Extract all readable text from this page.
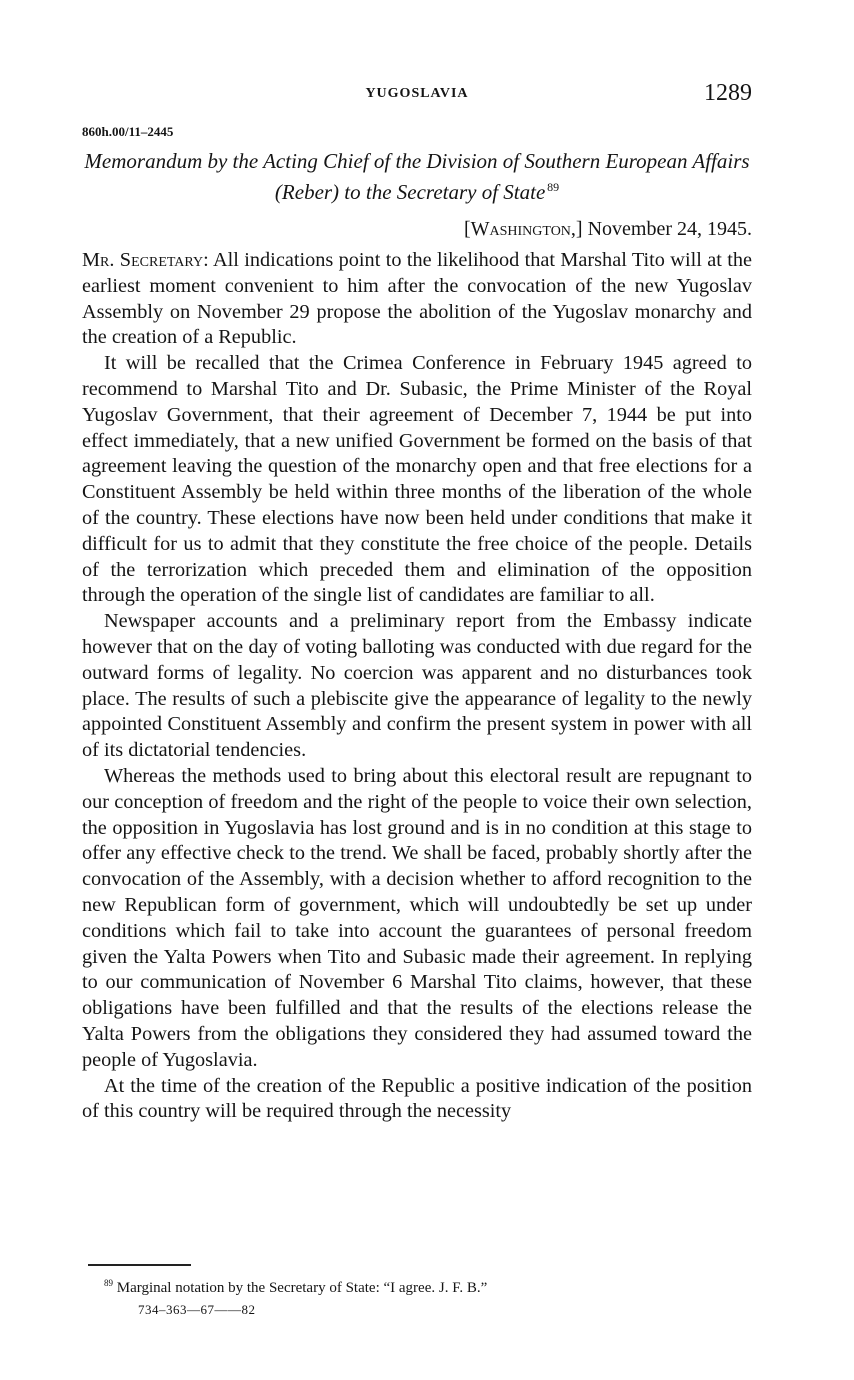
YUGOSLAVIA	1289
860h.00/11–2445
Memorandum by the Acting Chief of the Division of Southern European Affairs (Reber) to the Secretary of State  $^{89}$
[Washington,] November 24, 1945.

Mr. Secretary: All indications point to the likelihood that Marshal Tito will at the earliest moment convenient to him after the convocation of the new Yugoslav Assembly on November 29 propose the abolition of the Yugoslav monarchy and the creation of a Republic.

It will be recalled that the Crimea Conference in February 1945 agreed to recommend to Marshal Tito and Dr. Subasic, the Prime Minister of the Royal Yugoslav Government, that their agreement of December 7, 1944 be put into effect immediately, that a new unified Government be formed on the basis of that agreement leaving the question of the monarchy open and that free elections for a Constituent Assembly be held within three months of the liberation of the whole of the country. These elections have now been held under conditions that make it difficult for us to admit that they constitute the free choice of the people. Details of the terrorization which preceded them and elimination of the opposition through the operation of the single list of candidates are familiar to all.

Newspaper accounts and a preliminary report from the Embassy indicate however that on the day of voting balloting was conducted with due regard for the outward forms of legality. No coercion was apparent and no disturbances took place. The results of such a plebiscite give the appearance of legality to the newly appointed Constituent Assembly and confirm the present system in power with all of its dictatorial tendencies.

Whereas the methods used to bring about this electoral result are repugnant to our conception of freedom and the right of the people to voice their own selection, the opposition in Yugoslavia has lost ground and is in no condition at this stage to offer any effective check to the trend. We shall be faced, probably shortly after the convocation of the Assembly, with a decision whether to afford recognition to the new Republican form of government, which will undoubtedly be set up under conditions which fail to take into account the guarantees of personal freedom given the Yalta Powers when Tito and Subasic made their agreement. In replying to our communication of November 6 Marshal Tito claims, however, that these obligations have been fulfilled and that the results of the elections release the Yalta Powers from the obligations they considered they had assumed toward the people of Yugoslavia.

At the time of the creation of the Republic a positive indication of the position of this country will be required through the necessity

$^{89}$ Marginal notation by the Secretary of State: “I agree. J. F. B.”
734–363—67——82
